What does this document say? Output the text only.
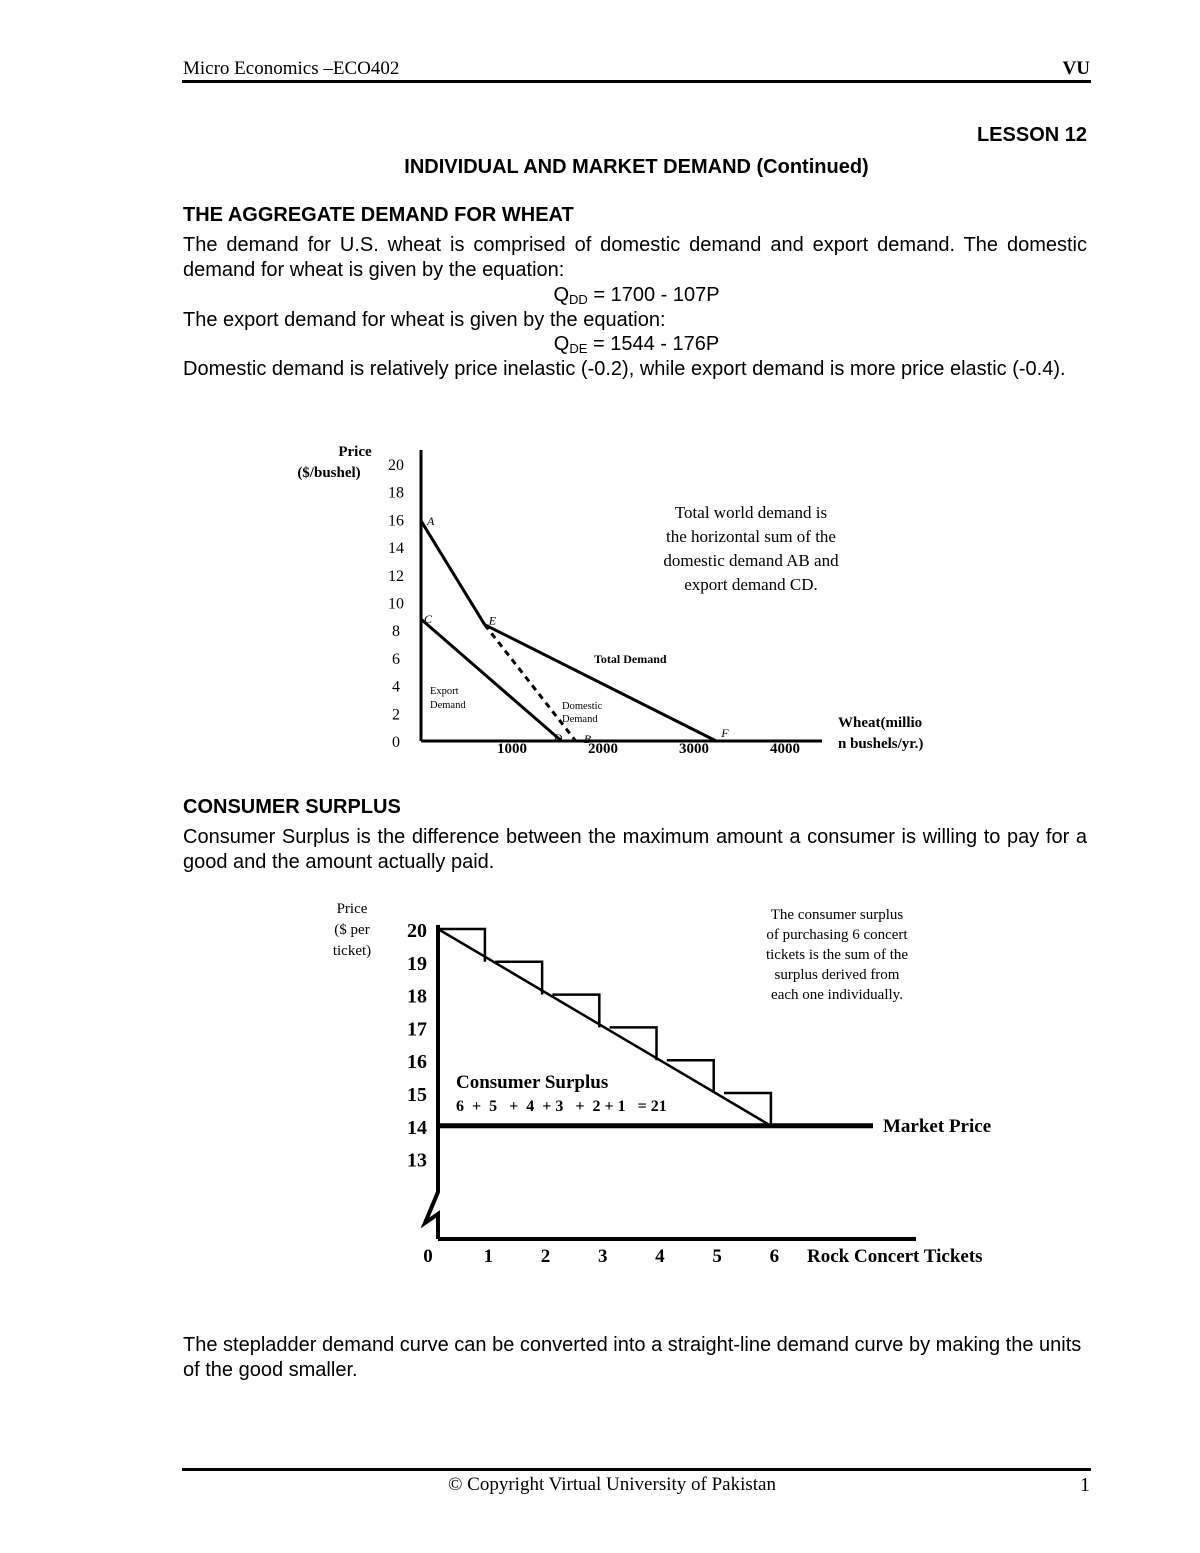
Micro Economics –ECO402	VU
LESSON 12
INDIVIDUAL AND MARKET DEMAND (Continued)
THE AGGREGATE DEMAND FOR WHEAT
The demand for U.S. wheat is comprised of domestic demand and export demand. The domestic demand for wheat is given by the equation:
$Q_{DD} = 1700 - 107P$
The export demand for wheat is given by the equation:
$Q_{DE} = 1544 - 176P$
Domestic demand is relatively price inelastic (-0.2), while export demand is more price elastic (-0.4).
Price
($/bushel) 20
18
16
14
12
10
8
6
4
2
0	1000	2000	3000	4000
A
B
C
D
E
F
Total Demand
Export
Demand	Domestic
Demand
Total world demand is
the horizontal sum of the
domestic demand AB and
export demand CD.
Wheat(millio
n bushels/yr.)
CONSUMER SURPLUS
Consumer Surplus is the difference between the maximum amount a consumer is willing to pay for a good and the amount actually paid.
Price
($ per
ticket)
20
19
18
17
16
15
14
13
0	1	2	3	4	5	6
Market Price
Consumer Surplus
6  +  5   +  4  + 3   +  2 + 1   = 21
The consumer surplus
of purchasing 6 concert
tickets is the sum of the
surplus derived from
each one individually.
Rock Concert Tickets
The stepladder demand curve can be converted into a straight-line demand curve by making the units of the good smaller.
© Copyright Virtual University of Pakistan	1
